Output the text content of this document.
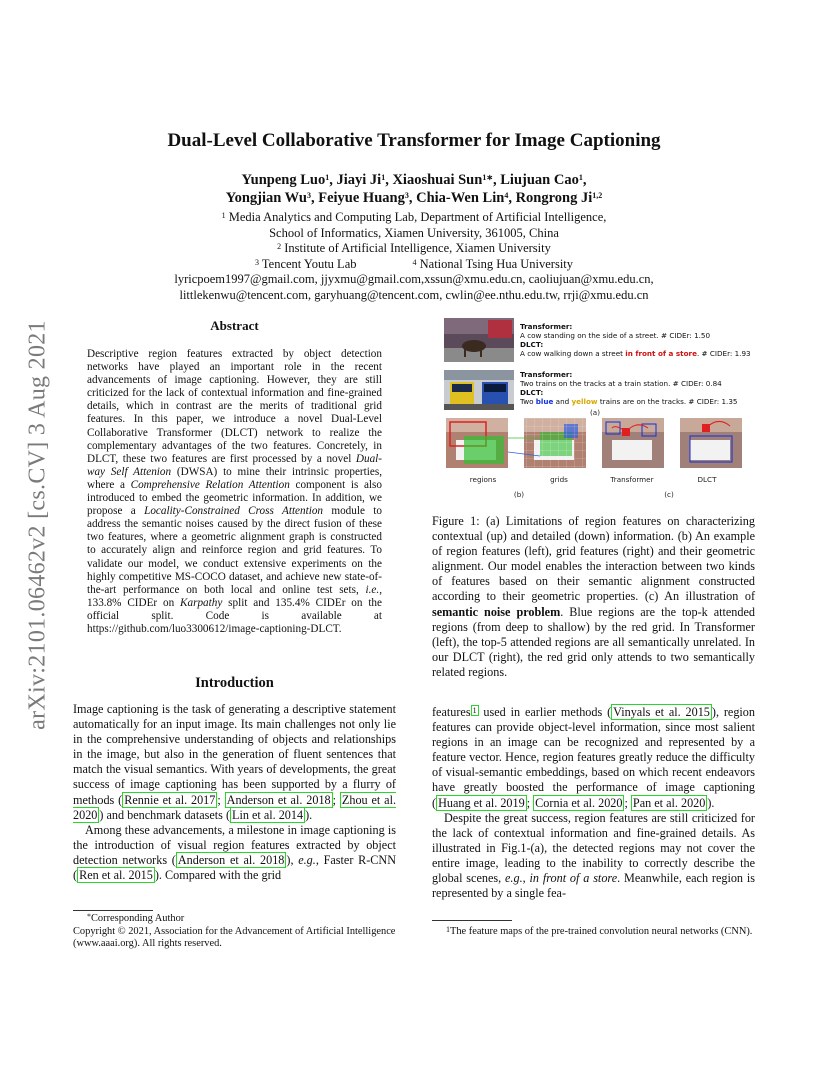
arXiv:2101.06462v2 [cs.CV] 3 Aug 2021
Dual-Level Collaborative Transformer for Image Captioning
Yunpeng Luo$^1$, Jiayi Ji$^1$, Xiaoshuai Sun$^{1∗}$, Liujuan Cao$^1$,
Yongjian Wu$^3$, Feiyue Huang$^3$, Chia-Wen Lin$^4$, Rongrong Ji$^{1,2}$
$^1$ Media Analytics and Computing Lab, Department of Artificial Intelligence,
School of Informatics, Xiamen University, 361005, China
$^2$ Institute of Artificial Intelligence, Xiamen University
$^3$ Tencent Youtu Lab	$^4$ National Tsing Hua University
lyricpoem1997@gmail.com, jjyxmu@gmail.com,xssun@xmu.edu.cn, caoliujuan@xmu.edu.cn,
littlekenwu@tencent.com, garyhuang@tencent.com, cwlin@ee.nthu.edu.tw, rrji@xmu.edu.cn
Abstract
Descriptive region features extracted by object detection networks have played an important role in the recent advancements of image captioning. However, they are still criticized for the lack of contextual information and fine-grained details, which in contrast are the merits of traditional grid features. In this paper, we introduce a novel Dual-Level Collaborative Transformer (DLCT) network to realize the complementary advantages of the two features. Concretely, in DLCT, these two features are first processed by a novel Dual-way Self Attenion (DWSA) to mine their intrinsic properties, where a Comprehensive Relation Attention component is also introduced to embed the geometric information. In addition, we propose a Locality-Constrained Cross Attention module to address the semantic noises caused by the direct fusion of these two features, where a geometric alignment graph is constructed to accurately align and reinforce region and grid features. To validate our model, we conduct extensive experiments on the highly competitive MS-COCO dataset, and achieve new state-of-the-art performance on both local and online test sets, i.e., 133.8% CIDEr on Karpathy split and 135.4% CIDEr on the official split. Code is available at https://github.com/luo3300612/image-captioning-DLCT.
Introduction

Image captioning is the task of generating a descriptive statement automatically for an input image. Its main challenges not only lie in the comprehensive understanding of objects and relationships in the image, but also in the generation of fluent sentences that match the visual semantics. With years of developments, the great success of image captioning has been supported by a flurry of methods ( Rennie et al. 2017 ; Anderson et al. 2018 ; Zhou et al. 2020 ) and benchmark datasets ( Lin et al. 2014 ).

Among these advancements, a milestone in image captioning is the introduction of visual region features extracted by object detection networks ( Anderson et al. 2018 ), e.g., Faster R-CNN ( Ren et al. 2015 ). Compared with the grid

*Corresponding Author
Copyright © 2021, Association for the Advancement of Artificial Intelligence (www.aaai.org). All rights reserved.
Transformer:
A cow standing on the side of a street. # CIDEr: 1.50
DLCT:
A cow walking down a street in front of a store. # CIDEr: 1.93
Transformer:
Two trains on the tracks at a train station. # CIDEr: 0.84
DLCT:
Two blue and yellow trains are on the tracks. # CIDEr: 1.35
(a)
regions	grids	Transformer	DLCT
(b)	(c)
Figure 1: (a) Limitations of region features on characterizing contextual (up) and detailed (down) information. (b) An example of region features (left), grid features (right) and their geometric alignment. Our model enables the interaction between two kinds of features based on their semantic alignment constructed according to their geometric properties. (c) An illustration of semantic noise problem. Blue regions are the top-k attended regions (from deep to shallow) by the red grid. In Transformer (left), the top-5 attended regions are all semantically unrelated. In our DLCT (right), the red grid only attends to two semantically related regions.

features $^1$ used in earlier methods ( Vinyals et al. 2015 ), region features can provide object-level information, since most salient regions in an image can be recognized and represented by a feature vector. Hence, region features greatly reduce the difficulty of visual-semantic embeddings, based on which recent endeavors have greatly boosted the performance of image captioning ( Huang et al. 2019 ; Cornia et al. 2020 ; Pan et al. 2020 ).

Despite the great success, region features are still criticized for the lack of contextual information and fine-grained details. As illustrated in Fig.1-(a), the detected regions may not cover the entire image, leading to the inability to correctly describe the global scenes, e.g., in front of a store. Meanwhile, each region is represented by a single fea-

$^1$The feature maps of the pre-trained convolution neural networks (CNN).
